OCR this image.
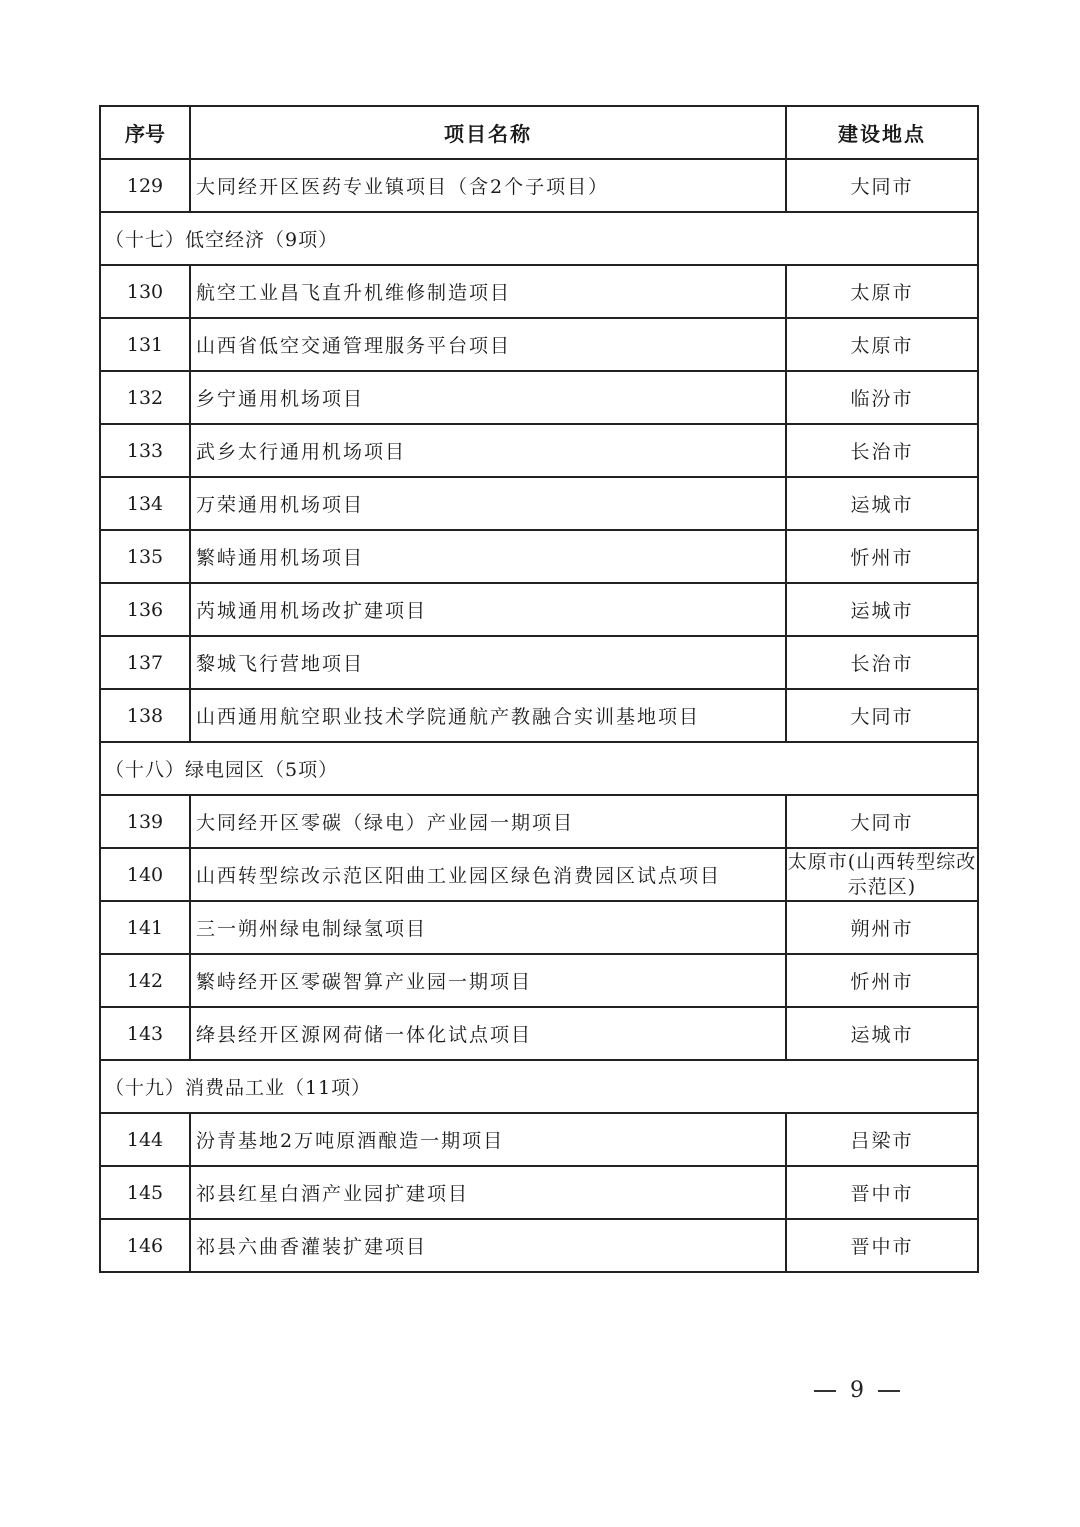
序号	项目名称	建设地点
129	大同经开区医药专业镇项目（含2个子项目）	大同市
（十七）低空经济（9项）		
130	航空工业昌飞直升机维修制造项目	太原市
131	山西省低空交通管理服务平台项目	太原市
132	乡宁通用机场项目	临汾市
133	武乡太行通用机场项目	长治市
134	万荣通用机场项目	运城市
135	繁峙通用机场项目	忻州市
136	芮城通用机场改扩建项目	运城市
137	黎城飞行营地项目	长治市
138	山西通用航空职业技术学院通航产教融合实训基地项目	大同市
（十八）绿电园区（5项）		
139	大同经开区零碳（绿电）产业园一期项目	大同市
140	山西转型综改示范区阳曲工业园区绿色消费园区试点项目	太原市(山西转型综改示范区)
141	三一朔州绿电制绿氢项目	朔州市
142	繁峙经开区零碳智算产业园一期项目	忻州市
143	绛县经开区源网荷储一体化试点项目	运城市
（十九）消费品工业（11项）		
144	汾青基地2万吨原酒酿造一期项目	吕梁市
145	祁县红星白酒产业园扩建项目	晋中市
146	祁县六曲香灌装扩建项目	晋中市
9
